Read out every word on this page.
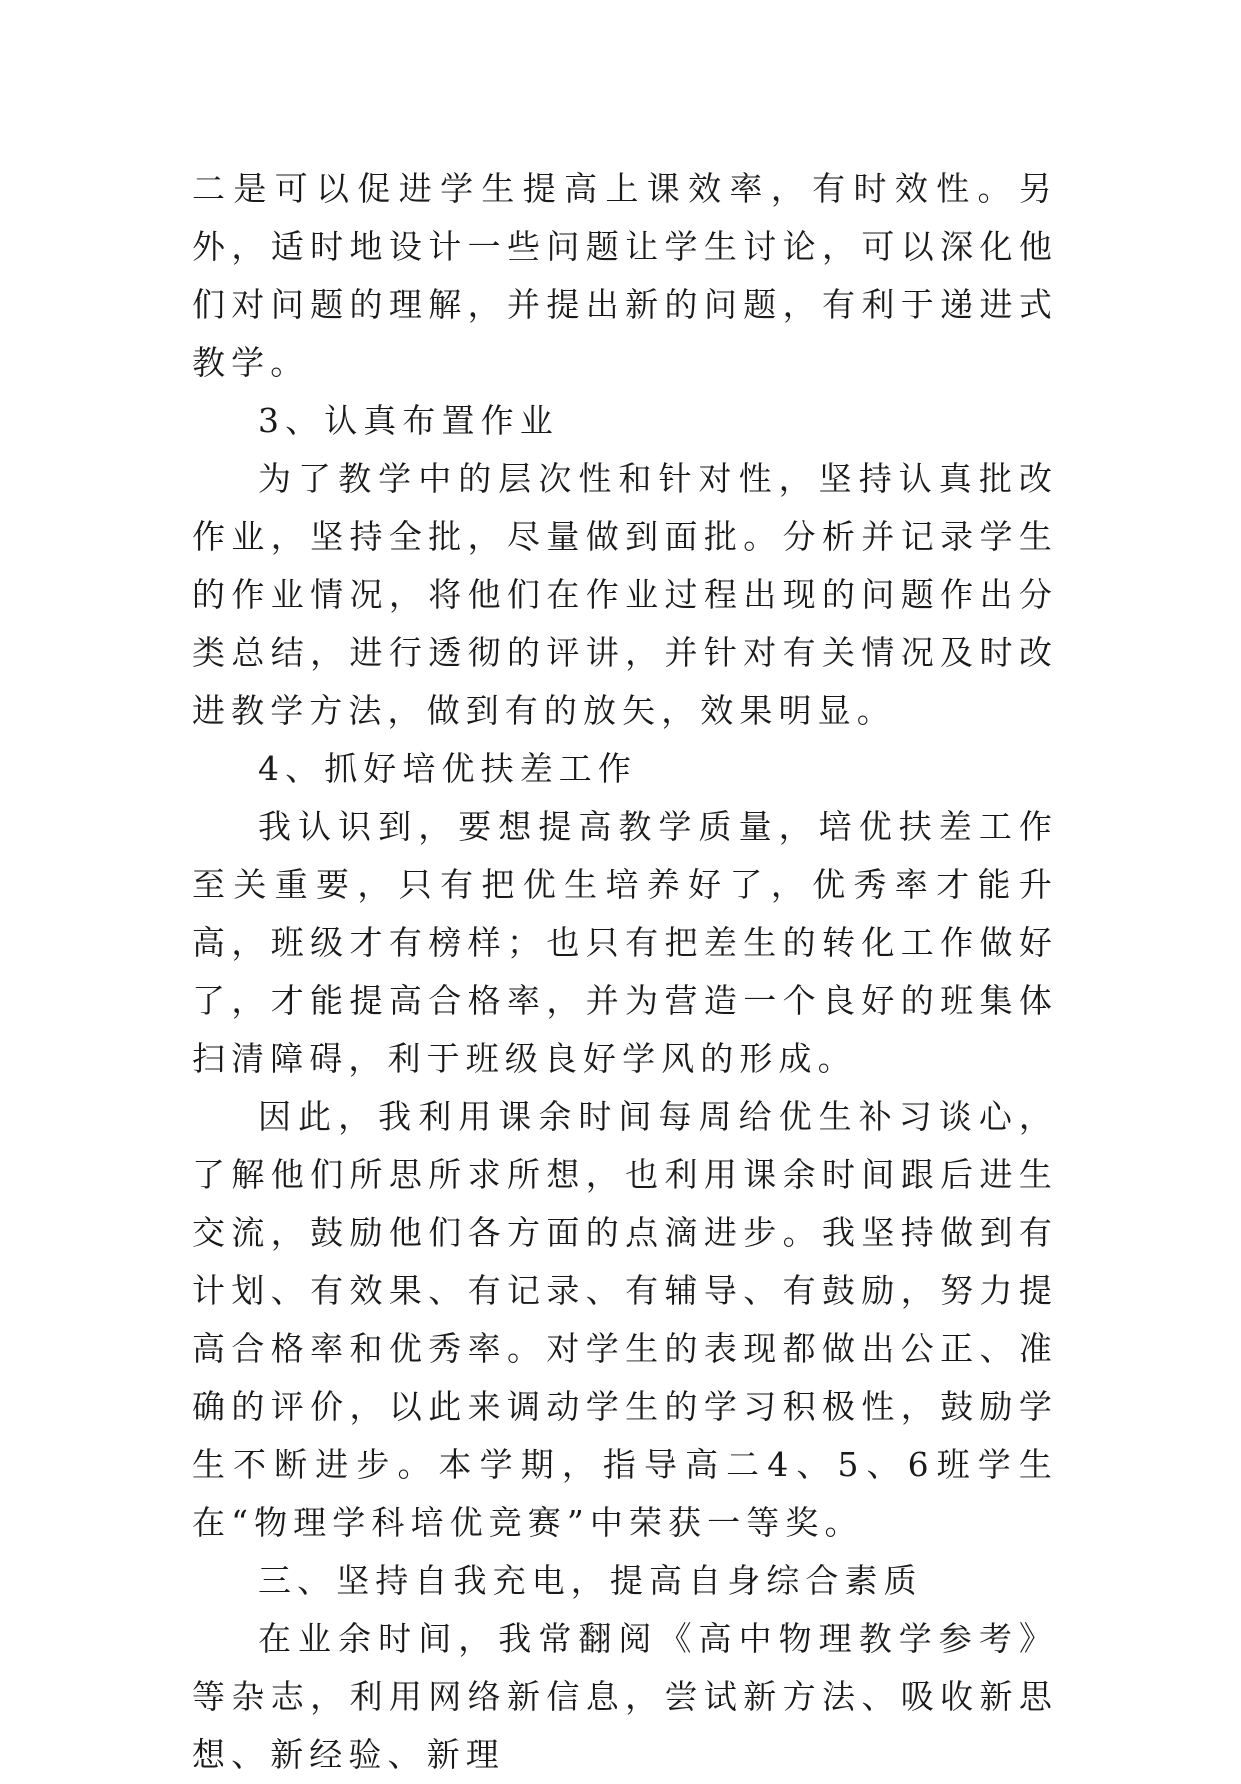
二是可以促进学生提高上课效率，有时效性。另外，适时地设计一些问题让学生讨论，可以深化他们对问题的理解，并提出新的问题，有利于递进式教学。

3、认真布置作业

为了教学中的层次性和针对性，坚持认真批改作业，坚持全批，尽量做到面批。分析并记录学生的作业情况，将他们在作业过程出现的问题作出分类总结，进行透彻的评讲，并针对有关情况及时改进教学方法，做到有的放矢，效果明显。

4、抓好培优扶差工作

我认识到，要想提高教学质量，培优扶差工作至关重要，只有把优生培养好了，优秀率才能升高，班级才有榜样；也只有把差生的转化工作做好了，才能提高合格率，并为营造一个良好的班集体扫清障碍，利于班级良好学风的形成。

因此，我利用课余时间每周给优生补习谈心，了解他们所思所求所想，也利用课余时间跟后进生交流，鼓励他们各方面的点滴进步。我坚持做到有计划、有效果、有记录、有辅导、有鼓励，努力提高合格率和优秀率。对学生的表现都做出公正、准确的评价，以此来调动学生的学习积极性，鼓励学生不断进步。本学期，指导高二4、5、6班学生在“物理学科培优竞赛”中荣获一等奖。

三、坚持自我充电，提高自身综合素质

在业余时间，我常翻阅《高中物理教学参考》等杂志，利用网络新信息，尝试新方法、吸收新思想、新经验、新理
